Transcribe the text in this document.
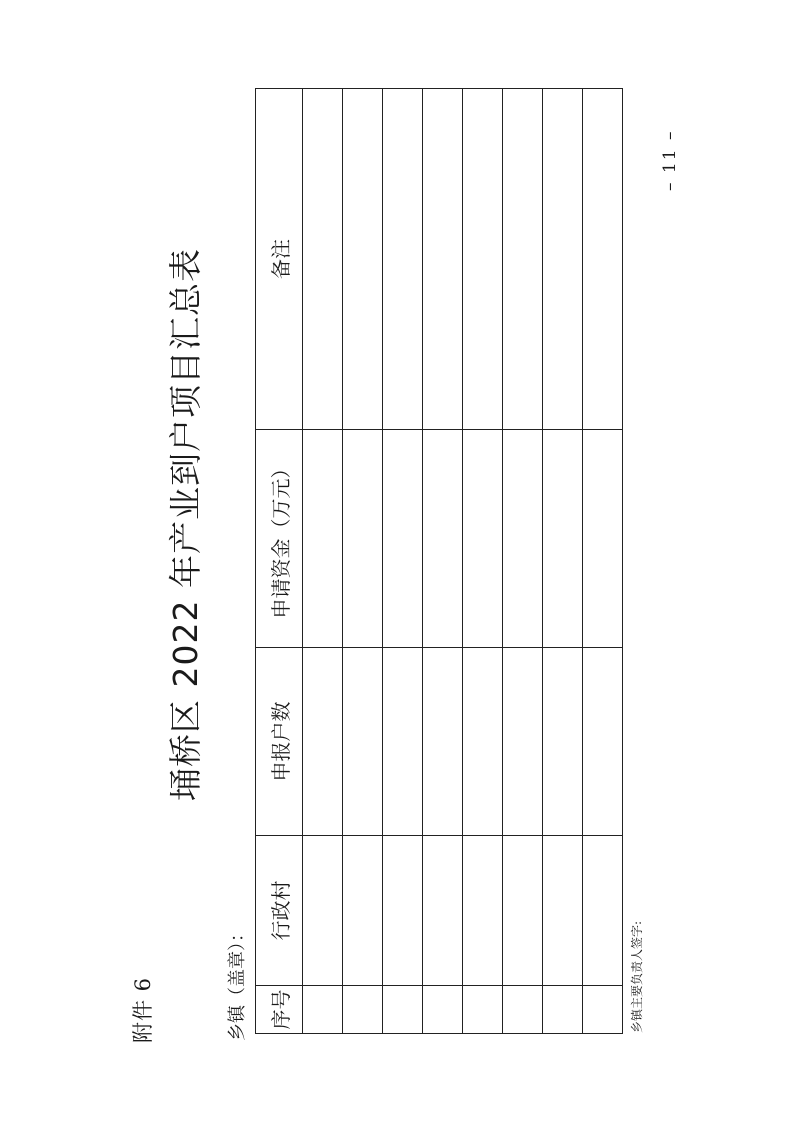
附件 6
埇桥区 2022 年产业到户项目汇总表
乡镇（盖章）： 序号	行政村	申报户数	申请资金（万元）	备注

乡镇主要负责人签字:
– 11 –
